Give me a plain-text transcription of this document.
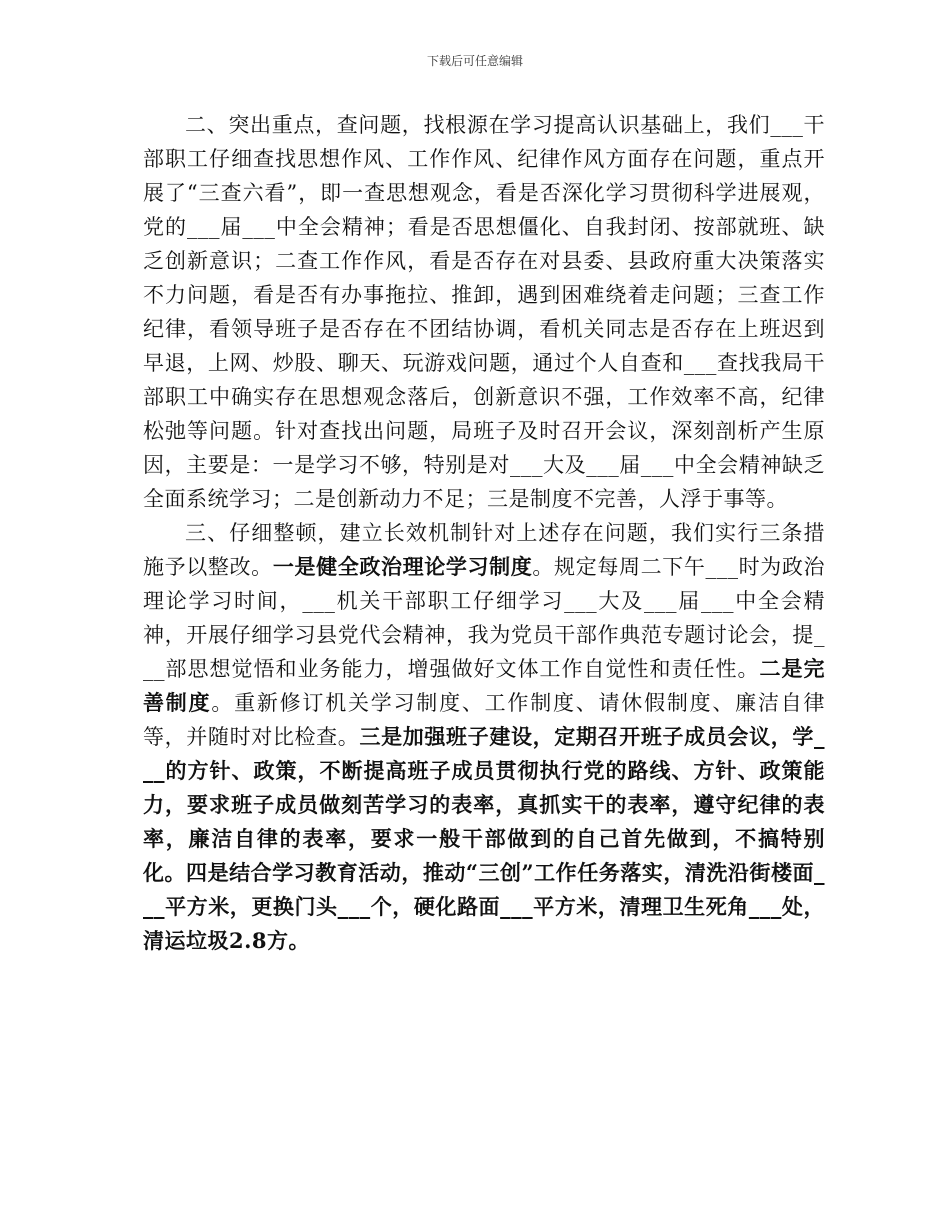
下载后可任意编辑

二、突出重点，查问题，找根源在学习提高认识基础上，我们___干部职工仔细查找思想作风、工作作风、纪律作风方面存在问题，重点开展了“三查六看”，即一查思想观念，看是否深化学习贯彻科学进展观，党的___届___中全会精神；看是否思想僵化、自我封闭、按部就班、缺乏创新意识；二查工作作风，看是否存在对县委、县政府重大决策落实不力问题，看是否有办事拖拉、推卸，遇到困难绕着走问题；三查工作纪律，看领导班子是否存在不团结协调，看机关同志是否存在上班迟到早退，上网、炒股、聊天、玩游戏问题，通过个人自查和___查找我局干部职工中确实存在思想观念落后，创新意识不强，工作效率不高，纪律松弛等问题。针对查找出问题，局班子及时召开会议，深刻剖析产生原因，主要是：一是学习不够，特别是对___大及___届___中全会精神缺乏全面系统学习；二是创新动力不足；三是制度不完善，人浮于事等。

三、仔细整顿，建立长效机制针对上述存在问题，我们实行三条措施予以整改。一是健全政治理论学习制度。规定每周二下午___时为政治理论学习时间，___机关干部职工仔细学习___大及___届___中全会精神，开展仔细学习县党代会精神，我为党员干部作典范专题讨论会，提___部思想觉悟和业务能力，增强做好文体工作自觉性和责任性。二是完善制度。重新修订机关学习制度、工作制度、请休假制度、廉洁自律等，并随时对比检查。三是加强班子建设，定期召开班子成员会议，学___的方针、政策，不断提高班子成员贯彻执行党的路线、方针、政策能力，要求班子成员做刻苦学习的表率，真抓实干的表率，遵守纪律的表率，廉洁自律的表率，要求一般干部做到的自己首先做到，不搞特别化。四是结合学习教育活动，推动“三创”工作任务落实，清洗沿街楼面___平方米，更换门头___个，硬化路面___平方米，清理卫生死角___处，清运垃圾2.8方。
